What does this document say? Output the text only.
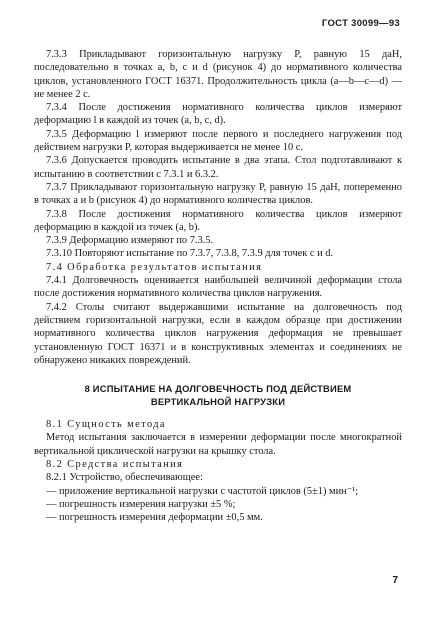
ГОСТ 30099—93

7.3.3 Прикладывают горизонтальную нагрузку P, равную 15 даН, последовательно в точках a, b, c и d (рисунок 4) до нормативного количества циклов, установленного ГОСТ 16371. Продолжительность цикла (a—b—c—d) — не менее 2 с.

7.3.4 После достижения нормативного количества циклов измеряют деформацию l в каждой из точек (a, b, c, d).

7.3.5 Деформацию l измеряют после первого и последнего нагружения под действием нагрузки P, которая выдерживается не менее 10 с.

7.3.6 Допускается проводить испытание в два этапа. Стол подготавливают к испытанию в соответствии с 7.3.1 и 6.3.2.

7.3.7 Прикладывают горизонтальную нагрузку P, равную 15 даН, попеременно в точках a и b (рисунок 4) до нормативного количества циклов.

7.3.8 После достижения нормативного количества циклов измеряют деформацию в каждой из точек (a, b).

7.3.9 Деформацию измеряют по 7.3.5.

7.3.10 Повторяют испытание по 7.3.7, 7.3.8, 7.3.9 для точек c и d.

7.4 Обработка результатов испытания

7.4.1 Долговечность оценивается наибольшей величиной деформации стола после достижения нормативного количества циклов нагружения.

7.4.2 Столы считают выдержавшими испытание на долговечность под действием горизонтальной нагрузки, если в каждом образце при достижении нормативного количества циклов нагружения деформация не превышает установленную ГОСТ 16371 и в конструктивных элементах и соединениях не обнаружено никаких повреждений.

8 ИСПЫТАНИЕ НА ДОЛГОВЕЧНОСТЬ ПОД ДЕЙСТВИЕМ
ВЕРТИКАЛЬНОЙ НАГРУЗКИ

8.1 Сущность метода

Метод испытания заключается в измерении деформации после многократной вертикальной циклической нагрузки на крышку стола.

8.2 Средства испытания

8.2.1 Устройство, обеспечивающее:

— приложение вертикальной нагрузки с частотой циклов (5±1) мин⁻¹;

— погрешность измерения нагрузки ±5 %;

— погрешность измерения деформации ±0,5 мм.

7
